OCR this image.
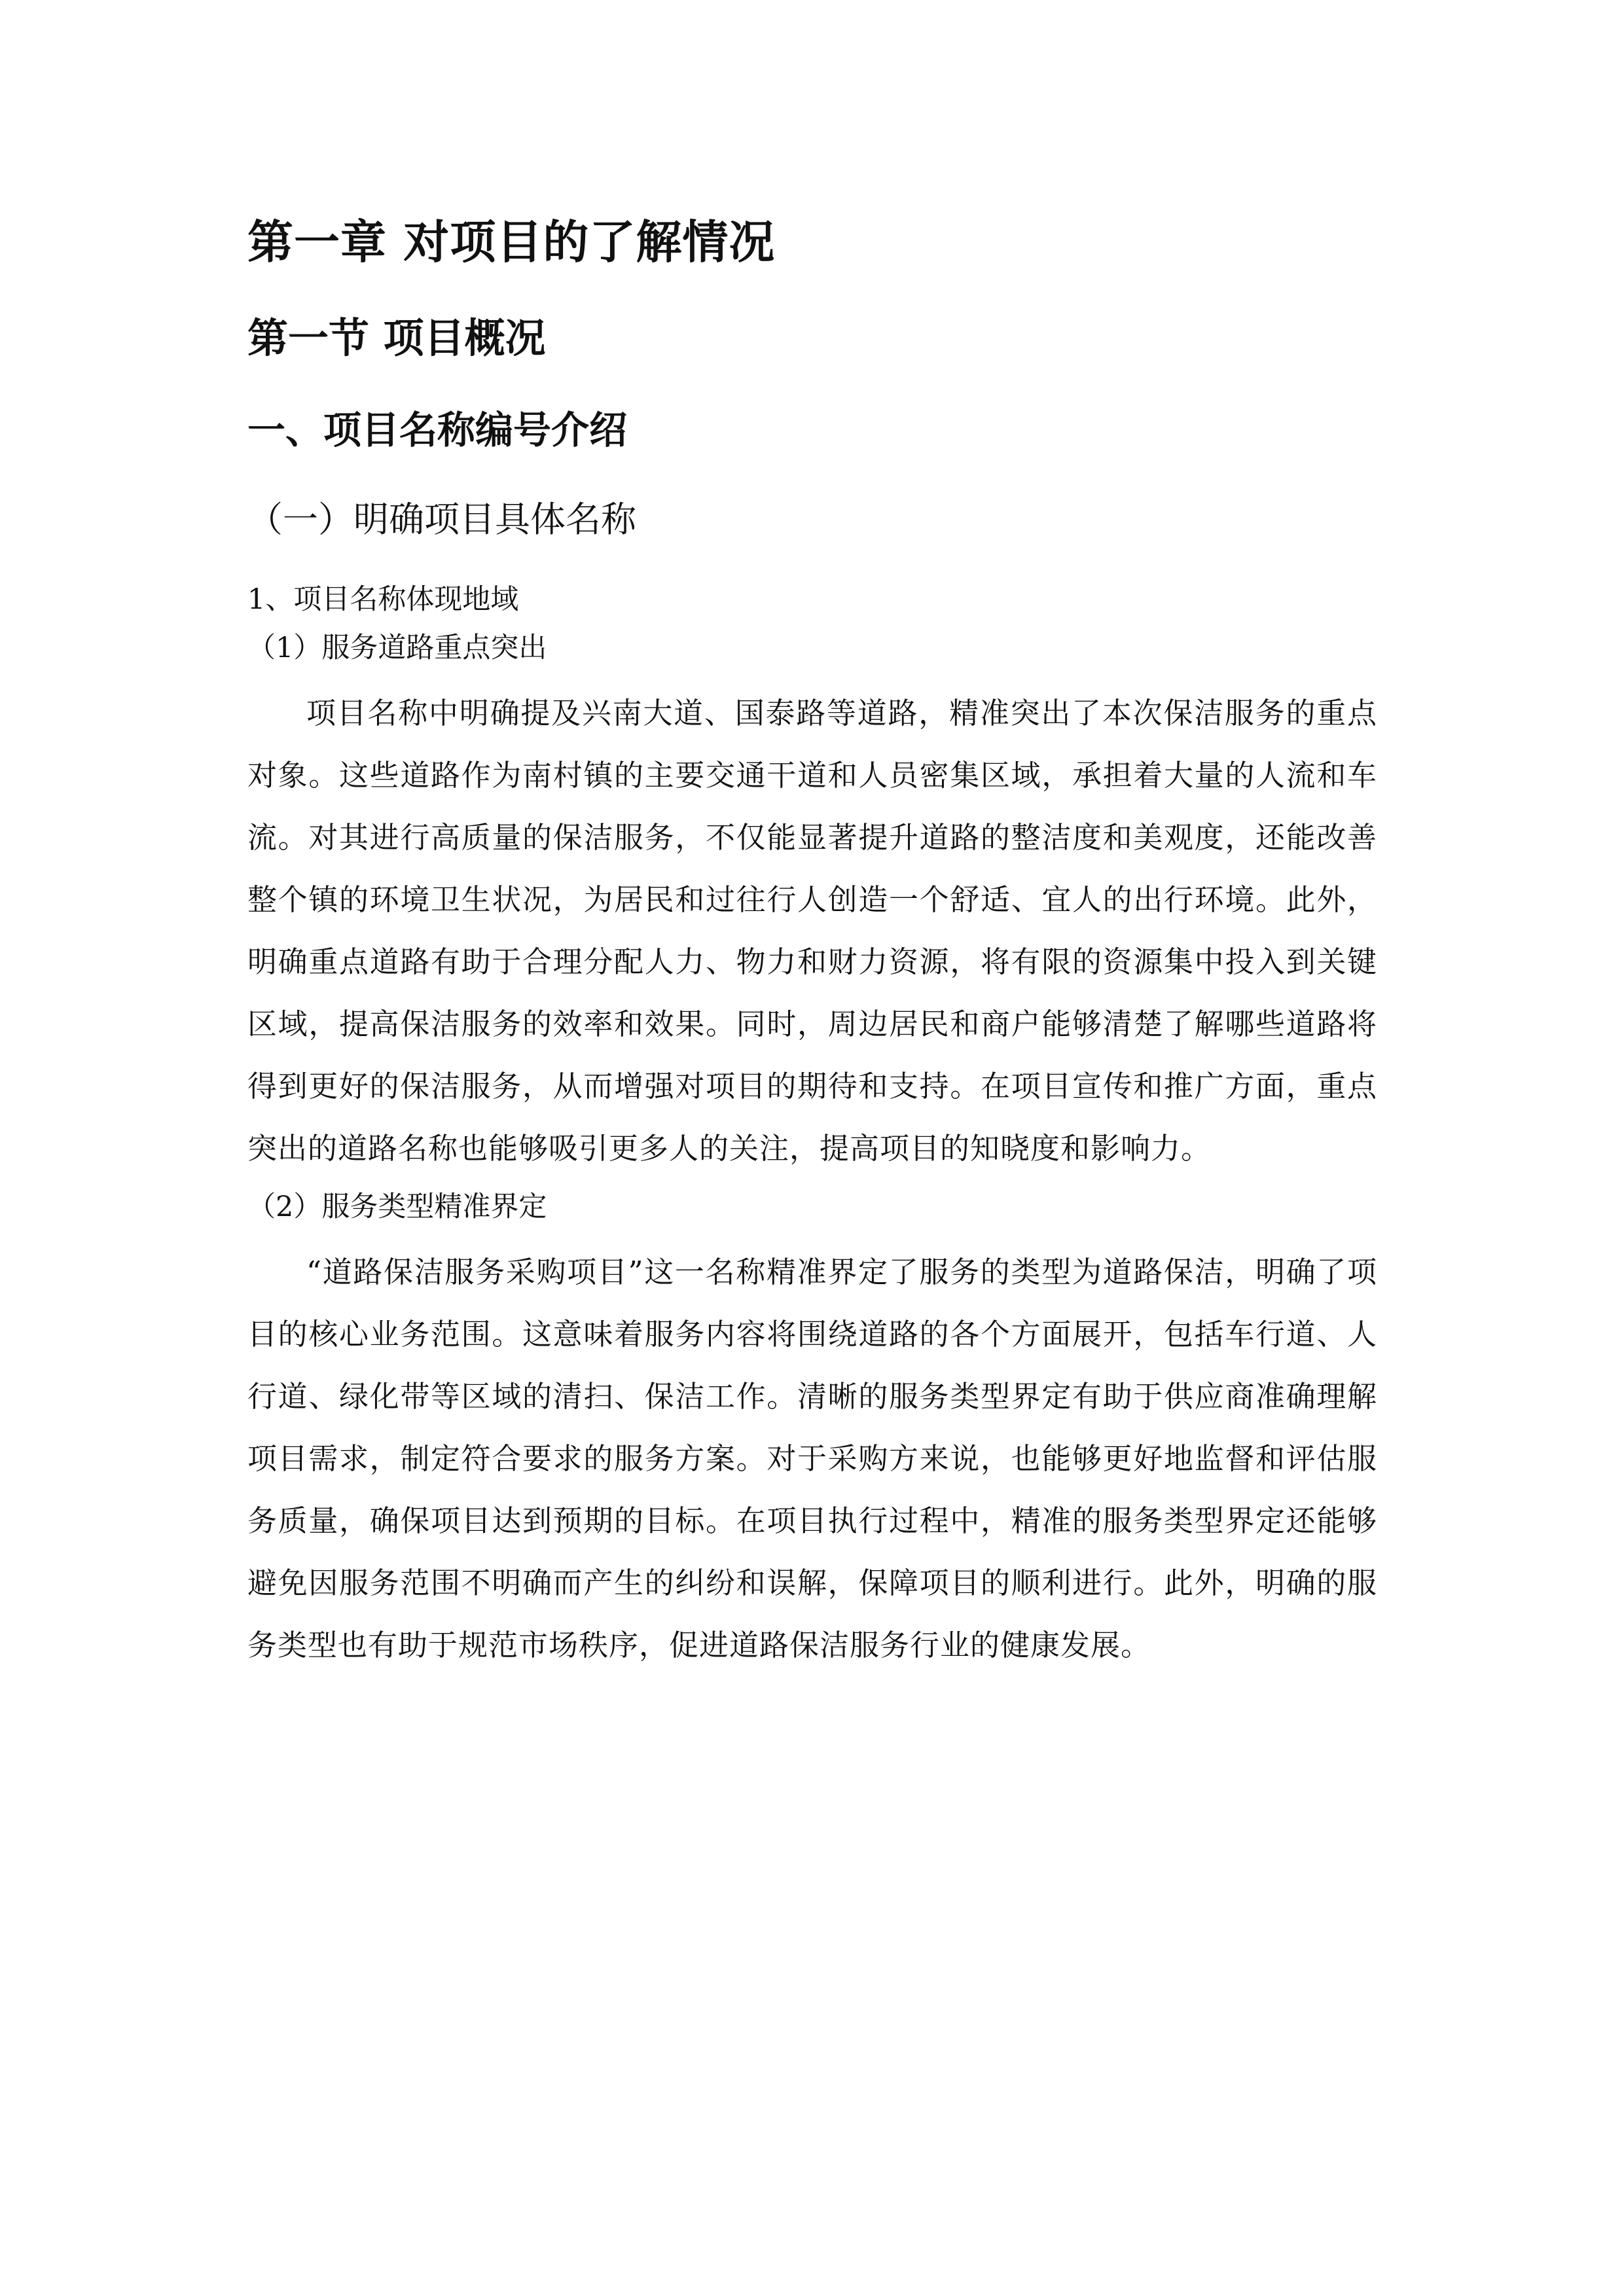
第一章 对项目的了解情况
第一节 项目概况
一、项目名称编号介绍
（一）明确项目具体名称
1、项目名称体现地域
（1）服务道路重点突出

项目名称中明确提及兴南大道、国泰路等道路，精准突出了本次保洁服务的重点对象。这些道路作为南村镇的主要交通干道和人员密集区域，承担着大量的人流和车流。对其进行高质量的保洁服务，不仅能显著提升道路的整洁度和美观度，还能改善整个镇的环境卫生状况，为居民和过往行人创造一个舒适、宜人的出行环境。此外，明确重点道路有助于合理分配人力、物力和财力资源，将有限的资源集中投入到关键区域，提高保洁服务的效率和效果。同时，周边居民和商户能够清楚了解哪些道路将得到更好的保洁服务，从而增强对项目的期待和支持。在项目宣传和推广方面，重点突出的道路名称也能够吸引更多人的关注，提高项目的知晓度和影响力。

（2）服务类型精准界定

“道路保洁服务采购项目”这一名称精准界定了服务的类型为道路保洁，明确了项目的核心业务范围。这意味着服务内容将围绕道路的各个方面展开，包括车行道、人行道、绿化带等区域的清扫、保洁工作。清晰的服务类型界定有助于供应商准确理解项目需求，制定符合要求的服务方案。对于采购方来说，也能够更好地监督和评估服务质量，确保项目达到预期的目标。在项目执行过程中，精准的服务类型界定还能够避免因服务范围不明确而产生的纠纷和误解，保障项目的顺利进行。此外，明确的服务类型也有助于规范市场秩序，促进道路保洁服务行业的健康发展。
